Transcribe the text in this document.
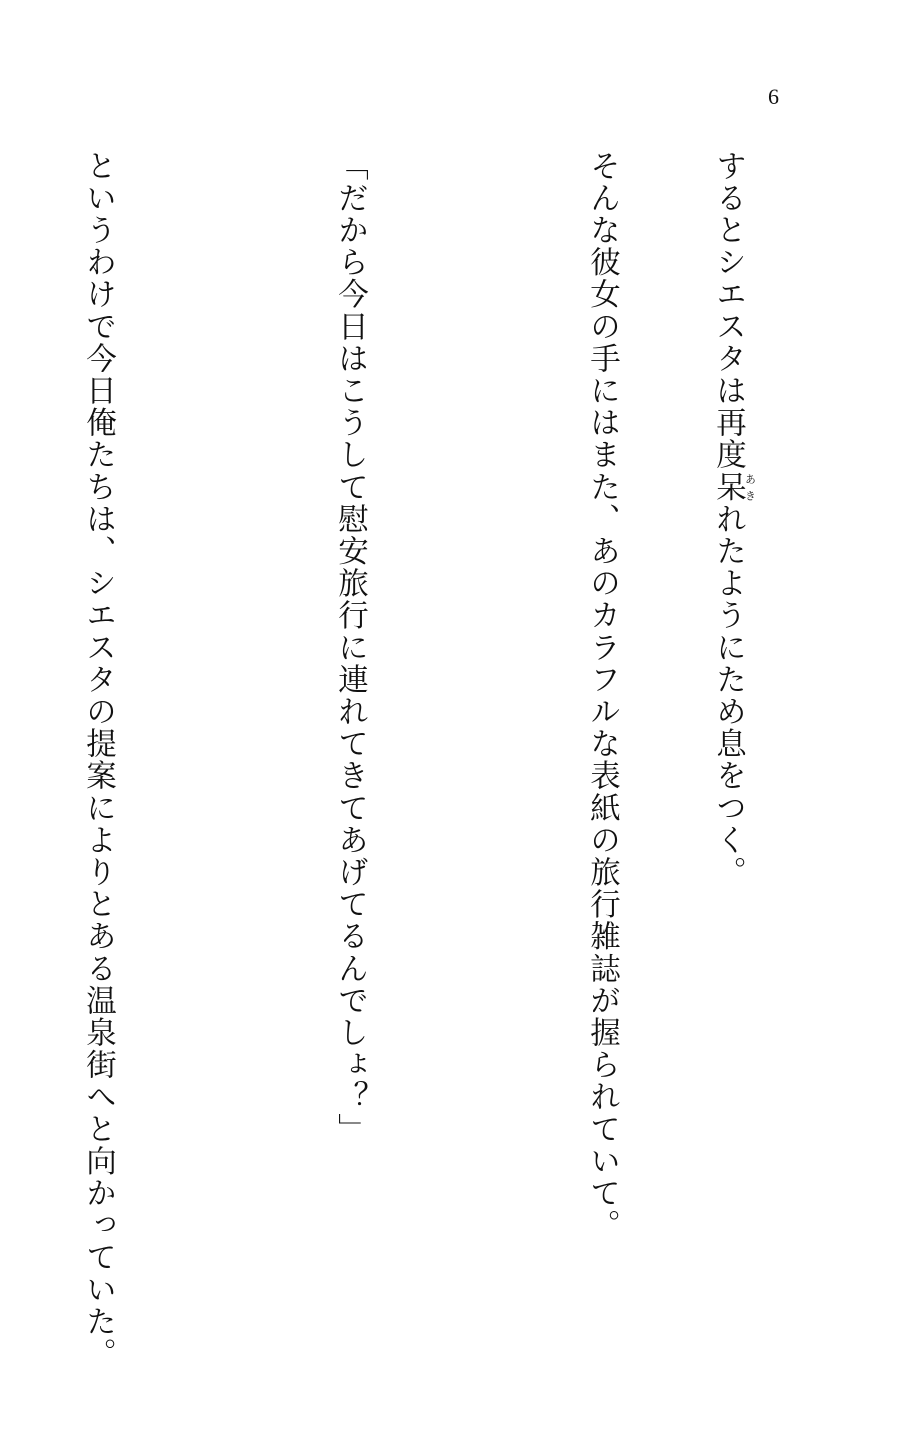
6

するとシエスタは再度呆あきれたようにため息をつく。

そんな彼女の手にはまた、あのカラフルな表紙の旅行雑誌が握られていて。

「だから今日はこうして慰安旅行に連れてきてあげてるんでしょ？」

というわけで今日俺たちは、シエスタの提案によりとある温泉街へと向かっていた。
